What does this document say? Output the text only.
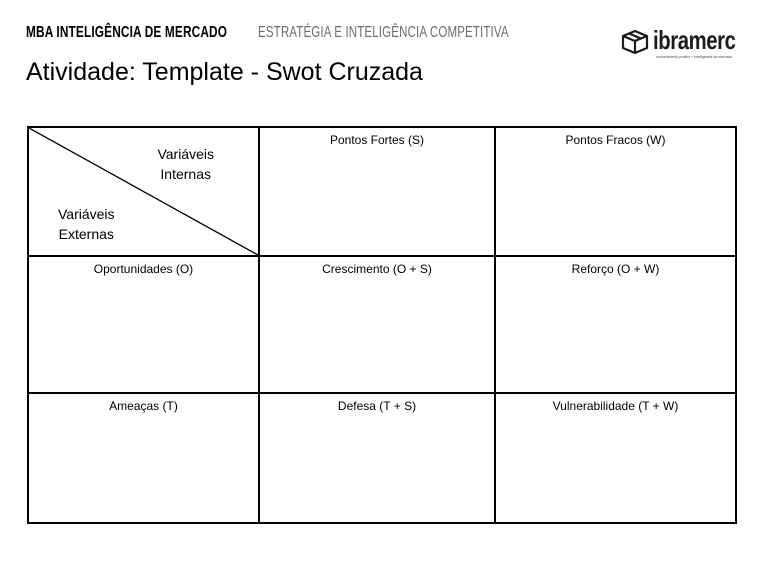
MBA INTELIGÊNCIA DE MERCADO ESTRATÉGIA E INTELIGÊNCIA COMPETITIVA	ibramerc
conhecimento prático + inteligência de mercado
Atividade: Template - Swot Cruzada
Variáveis
Internas
Variáveis
Externas	Pontos Fortes (S)	Pontos Fracos (W)
Oportunidades (O)	Crescimento (O + S)	Reforço (O + W)
Ameaças (T)	Defesa (T + S)	Vulnerabilidade (T + W)
